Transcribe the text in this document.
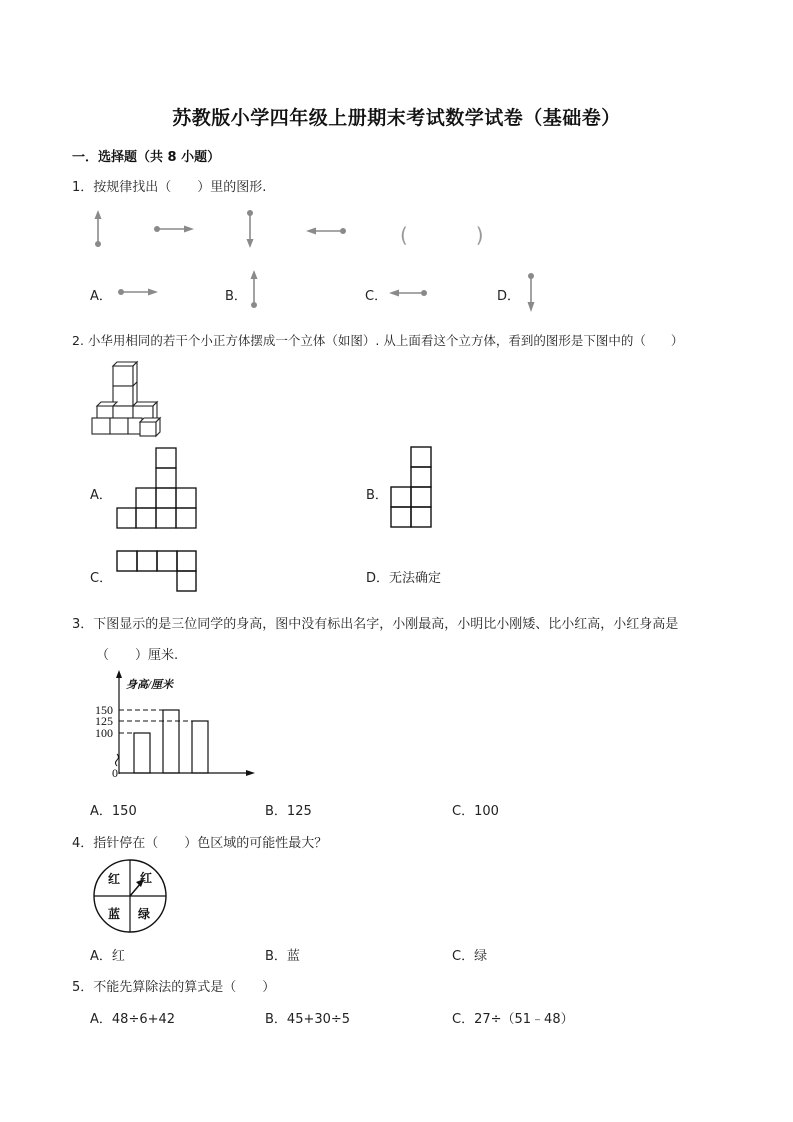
苏教版小学四年级上册期末考试数学试卷（基础卷）
一．选择题（共 8 小题）
1．按规律找出（　　）里的图形.
(　　　)
A．	B．	C．	D．
2. 小华用相同的若干个小正方体摆成一个立体（如图）. 从上面看这个立方体，看到的图形是下图中的（　　）
A．	B．
C．	D．无法确定
3．下图显示的是三位同学的身高，图中没有标出名字，小刚最高，小明比小刚矮、比小红高，小红身高是
（　　）厘米.
身高/厘米
150
125
100
0
A．150	B．125	C．100
4．指针停在（　　）色区域的可能性最大？
红 红
蓝 绿
A．红	B．蓝	C．绿
5．不能先算除法的算式是（　　）
A．48÷6+42	B．45+30÷5	C．27÷（51﹣48）
